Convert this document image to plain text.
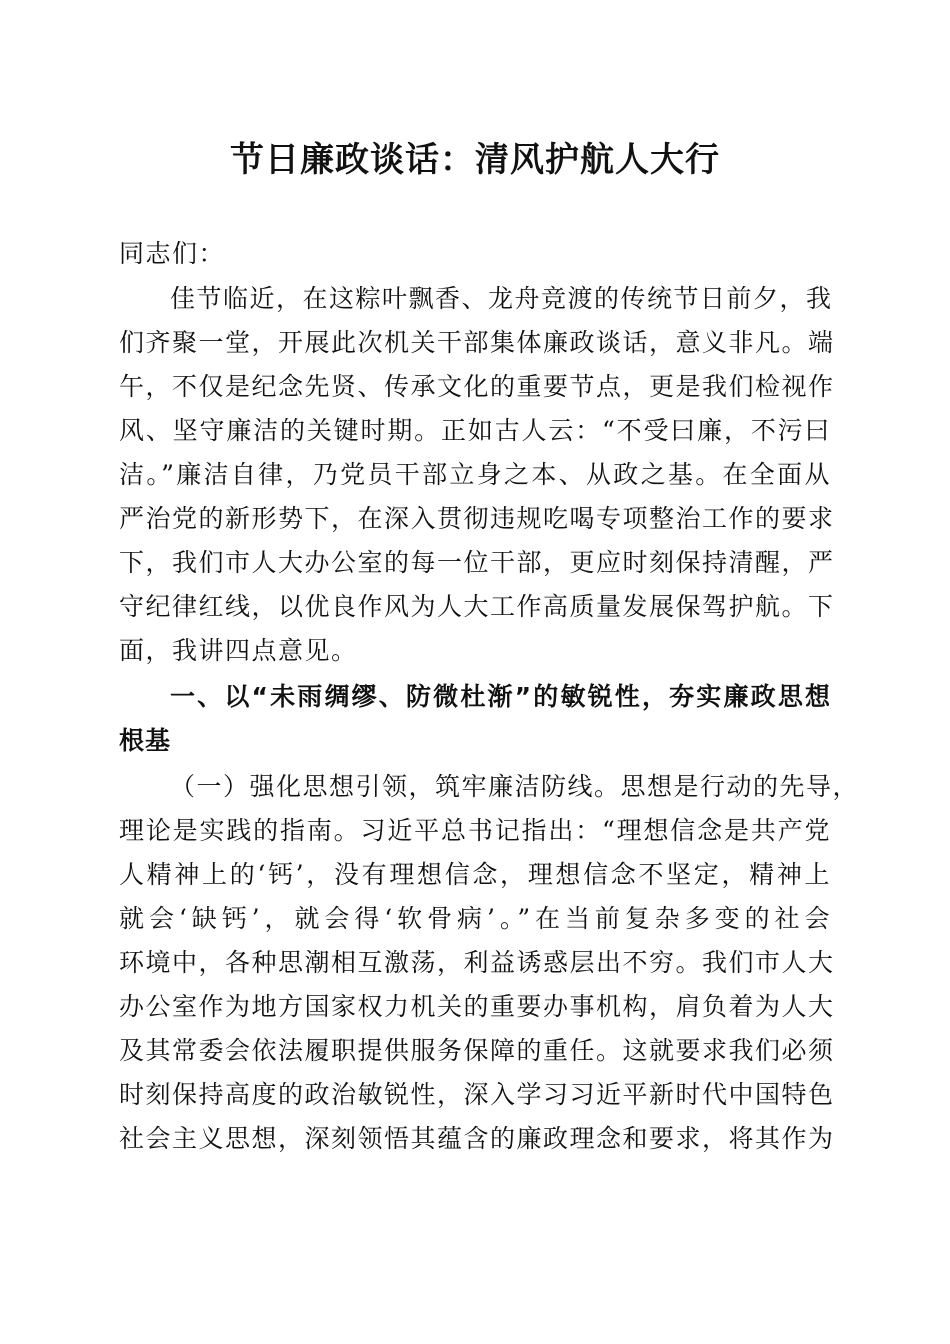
节日廉政谈话：清风护航人大行

同志们：

佳节临近，在这粽叶飘香、龙舟竞渡的传统节日前夕，我

们齐聚一堂，开展此次机关干部集体廉政谈话，意义非凡。端

午，不仅是纪念先贤、传承文化的重要节点，更是我们检视作

风、坚守廉洁的关键时期。正如古人云：“不受曰廉，不污曰

洁。”廉洁自律，乃党员干部立身之本、从政之基。在全面从

严治党的新形势下，在深入贯彻违规吃喝专项整治工作的要求

下，我们市人大办公室的每一位干部，更应时刻保持清醒，严

守纪律红线，以优良作风为人大工作高质量发展保驾护航。下

面，我讲四点意见。

一、以“未雨绸缪、防微杜渐”的敏锐性，夯实廉政思想

根基

（一）强化思想引领，筑牢廉洁防线。思想是行动的先导，

理论是实践的指南。习近平总书记指出：“理想信念是共产党

人精神上的‘钙’，没有理想信念，理想信念不坚定，精神上

就会‘缺钙’，就会得‘软骨病’。”在当前复杂多变的社会

环境中，各种思潮相互激荡，利益诱惑层出不穷。我们市人大

办公室作为地方国家权力机关的重要办事机构，肩负着为人大

及其常委会依法履职提供服务保障的重任。这就要求我们必须

时刻保持高度的政治敏锐性，深入学习习近平新时代中国特色

社会主义思想，深刻领悟其蕴含的廉政理念和要求，将其作为
